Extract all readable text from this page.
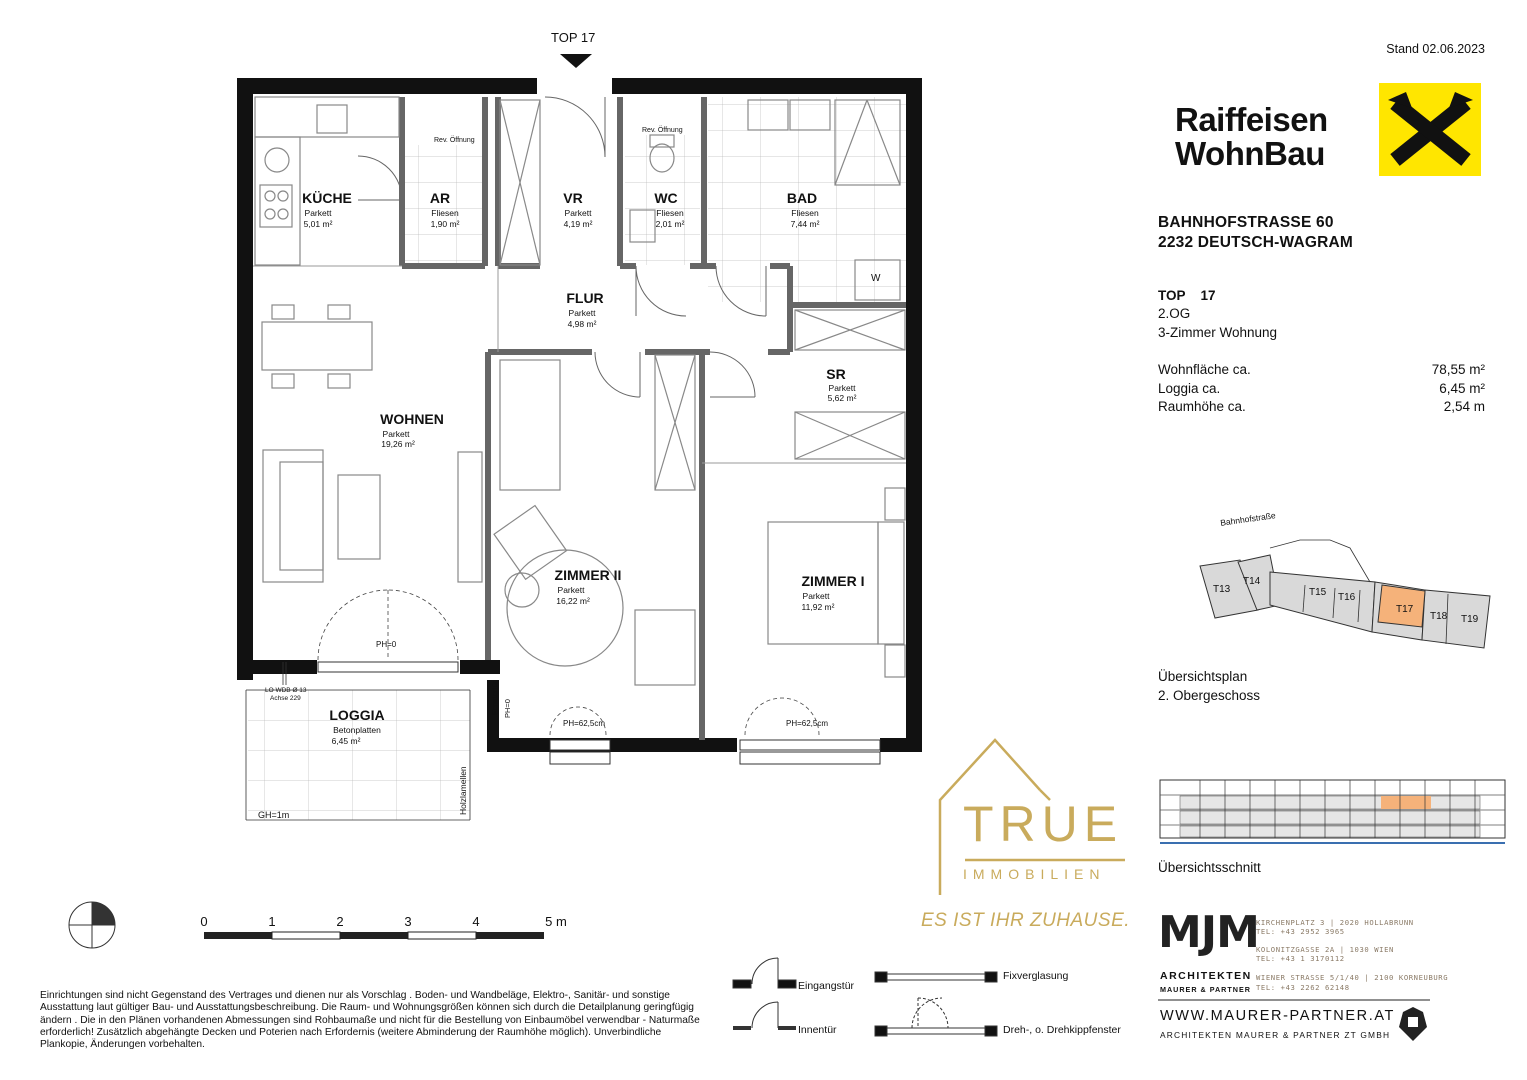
Stand 02.06.2023
TOP 17
Raiffeisen
WohnBau
BAHNHOFSTRASSE 60
2232 DEUTSCH-WAGRAM
TOP 17
2.OG
3-Zimmer Wohnung
Wohnfläche ca.	78,55 m²
Loggia ca.	6,45 m²
Raumhöhe ca.	2,54 m
KÜCHE
Parkett
5,01 m²
AR
Fliesen
1,90 m²
VR
Parkett
4,19 m²
WC
Fliesen
2,01 m²
BAD
Fliesen
7,44 m²
FLUR
Parkett
4,98 m²
SR
Parkett
5,62 m²
WOHNEN
Parkett
19,26 m²
ZIMMER II
Parkett
16,22 m²
ZIMMER I
Parkett
11,92 m²
LOGGIA
Betonplatten
6,45 m²
Rev. Öffnung
Rev. Öffnung
W
PH=0
PH=62,5cm	PH=62,5cm
Fenstertür PH=0
LO WDB Ø 13
Achse 229
GH=1m	Holzlamellen
Bahnhofstraße
T13
T14
T15 T16
T17
T18 T19
Übersichtsplan
2. Obergeschoss
Übersichtsschnitt
TRUE
IMMOBILIEN
ES IST IHR ZUHAUSE.
0	1	2	3	4	5 m
Einrichtungen sind nicht Gegenstand des Vertrages und dienen nur als Vorschlag . Boden- und Wandbeläge, Elektro-, Sanitär- und sonstige Ausstattung laut gültiger Bau- und Ausstattungsbeschreibung. Die Raum- und Wohnungsgrößen können sich durch die Detailplanung geringfügig ändern . Die in den Plänen vorhandenen Abmessungen sind Rohbaumaße und nicht für die Bestellung von Einbaumöbel verwendbar - Naturmaße erforderlich! Zusätzlich abgehängte Decken und Poterien nach Erfordernis (weitere Abminderung der Raumhöhe möglich). Unverbindliche Plankopie, Änderungen vorbehalten.
Eingangstür
Innentür
Fixverglasung
Dreh-, o. Drehkippfenster
MJM
ARCHITEKTEN
MAURER & PARTNER
KIRCHENPLATZ 3 | 2020 HOLLABRUNN
TEL: +43 2952 3965
KOLONITZGASSE 2A | 1030 WIEN
TEL: +43 1 3170112
WIENER STRASSE 5/1/40 | 2100 KORNEUBURG
TEL: +43 2262 62148
WWW.MAURER-PARTNER.AT
ARCHITEKTEN MAURER & PARTNER ZT GMBH
